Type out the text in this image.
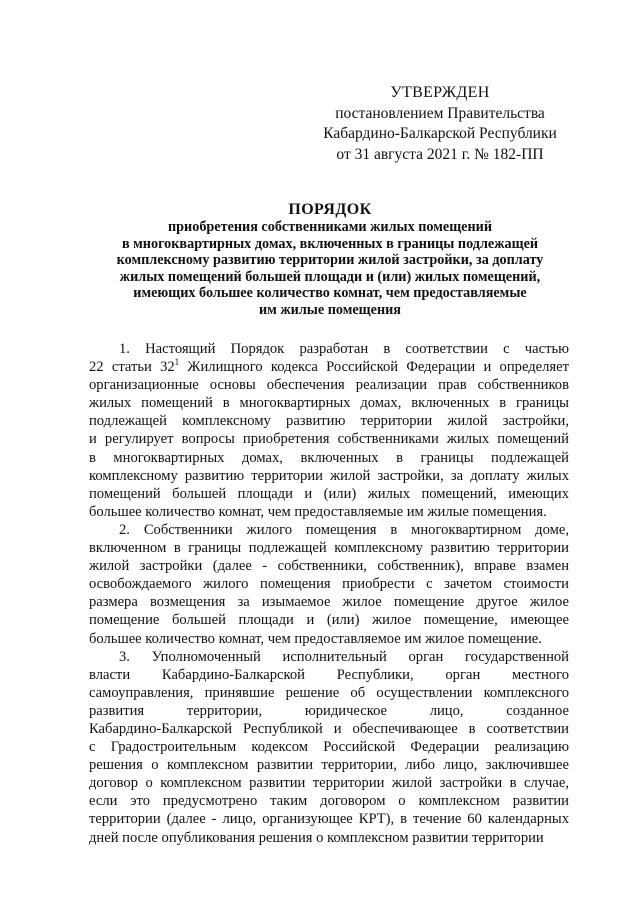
УТВЕРЖДЕН
постановлением Правительства
Кабардино-Балкарской Республики
от 31 августа 2021 г. № 182-ПП
ПОРЯДОК
приобретения собственниками жилых помещений
в многоквартирных домах, включенных в границы подлежащей
комплексному развитию территории жилой застройки, за доплату
жилых помещений большей площади и (или) жилых помещений,
имеющих большее количество комнат, чем предоставляемые
им жилые помещения
1. Настоящий Порядок разработан в соответствии с частью
22 статьи $32^1$ Жилищного кодекса Российской Федерации и определяет
организационные основы обеспечения реализации прав собственников
жилых помещений в многоквартирных домах, включенных в границы
подлежащей комплексному развитию территории жилой застройки,
и регулирует вопросы приобретения собственниками жилых помещений
в многоквартирных домах, включенных в границы подлежащей
комплексному развитию территории жилой застройки, за доплату жилых
помещений большей площади и (или) жилых помещений, имеющих
большее количество комнат, чем предоставляемые им жилые помещения.
2. Собственники жилого помещения в многоквартирном доме,
включенном в границы подлежащей комплексному развитию территории
жилой застройки (далее - собственники, собственник), вправе взамен
освобождаемого жилого помещения приобрести с зачетом стоимости
размера возмещения за изымаемое жилое помещение другое жилое
помещение большей площади и (или) жилое помещение, имеющее
большее количество комнат, чем предоставляемое им жилое помещение.
3. Уполномоченный исполнительный орган государственной
власти Кабардино-Балкарской Республики, орган местного
самоуправления, принявшие решение об осуществлении комплексного
развития территории, юридическое лицо, созданное
Кабардино-Балкарской Республикой и обеспечивающее в соответствии
с Градостроительным кодексом Российской Федерации реализацию
решения о комплексном развитии территории, либо лицо, заключившее
договор о комплексном развитии территории жилой застройки в случае,
если это предусмотрено таким договором о комплексном развитии
территории (далее - лицо, организующее КРТ), в течение 60 календарных
дней после опубликования решения о комплексном развитии территории
